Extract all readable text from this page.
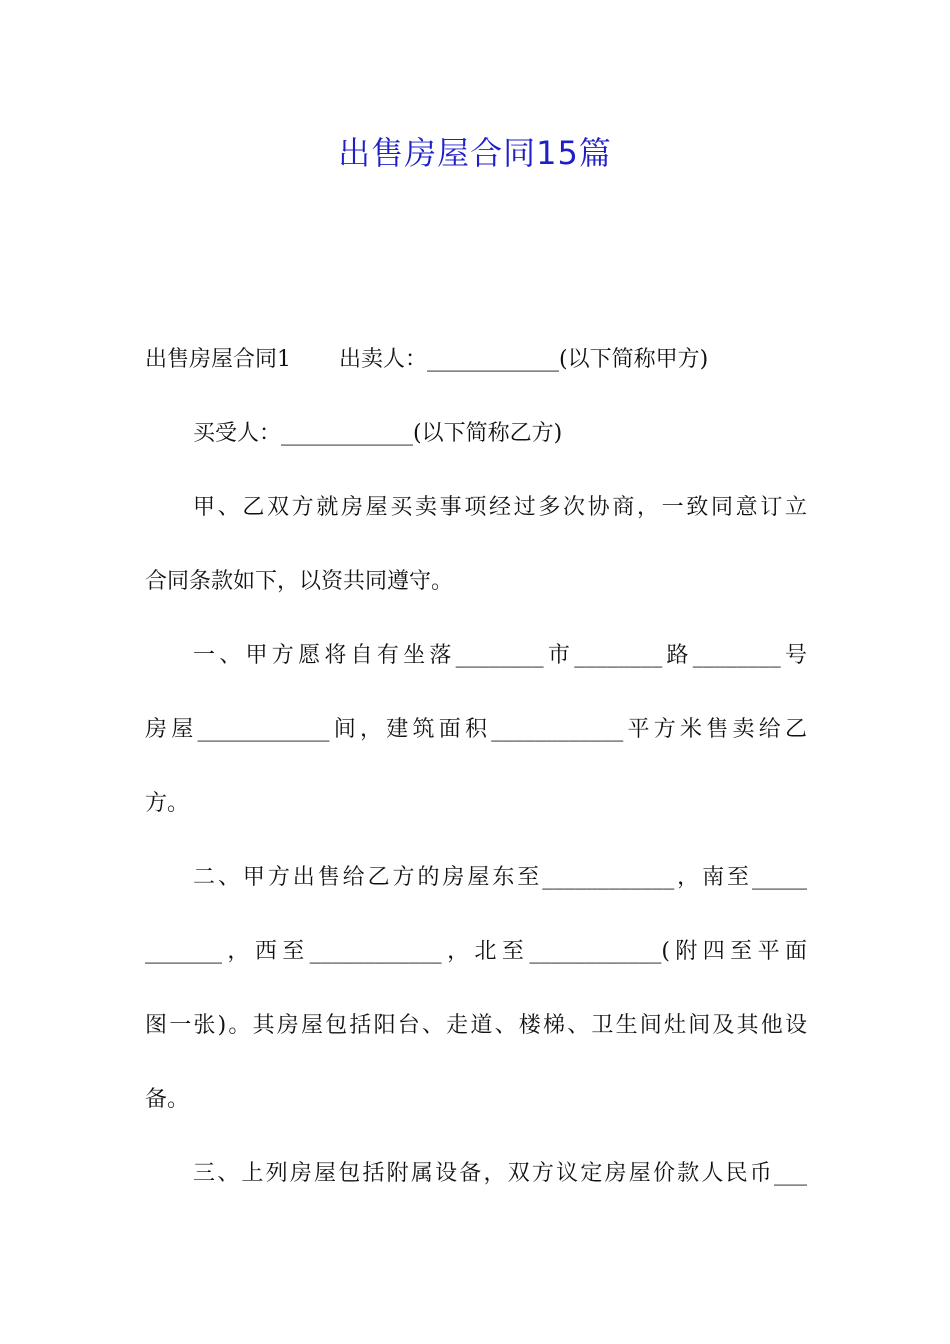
出售房屋合同15篇
出售房屋合同1 出卖人：____________(以下简称甲方)
买受人：____________(以下简称乙方)
甲、乙双方就房屋买卖事项经过多次协商，一致同意订立
合同条款如下，以资共同遵守。
一、甲方愿将自有坐落________市________路________号
房屋____________间，建筑面积____________平方米售卖给乙
方。
二、甲方出售给乙方的房屋东至____________，南至_____
_______，西至____________，北至____________(附四至平面
图一张)。其房屋包括阳台、走道、楼梯、卫生间灶间及其他设
备。
三、上列房屋包括附属设备，双方议定房屋价款人民币___
